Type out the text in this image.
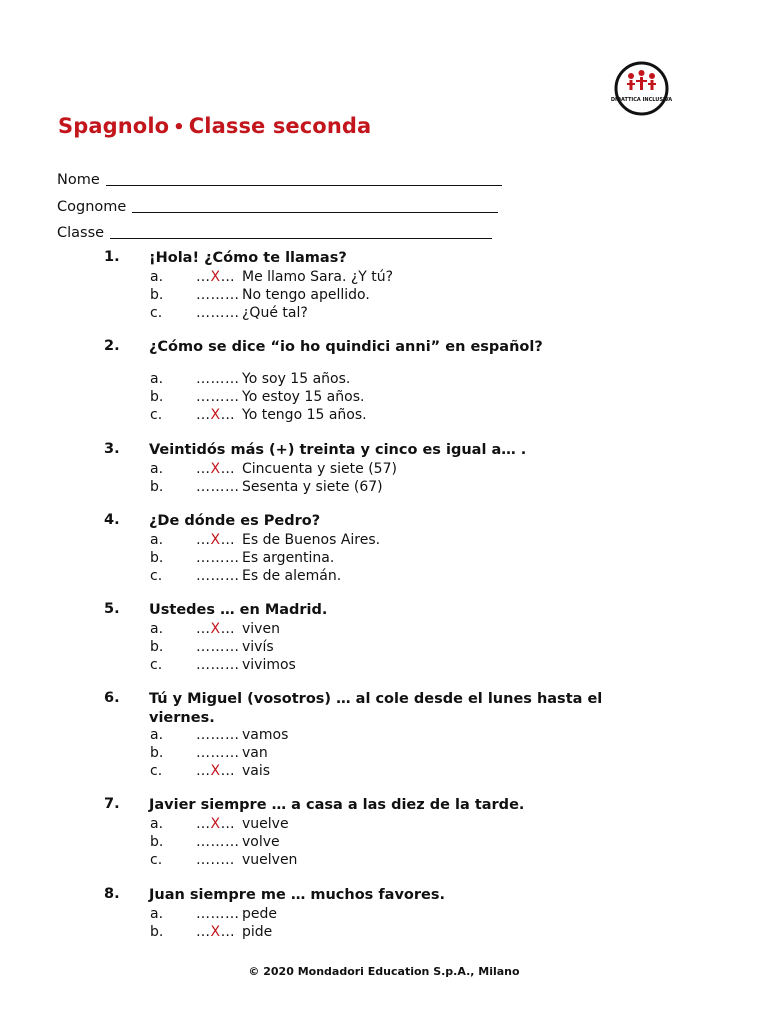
DIDATTICA INCLUSIVA
Spagnolo • Classe seconda
Nome
Cognome
Classe
1. ¡Hola! ¿Cómo te llamas?
a. …X… Me llamo Sara. ¿Y tú?
b. ……… No tengo apellido.
c. ……… ¿Qué tal?
2. ¿Cómo se dice “io ho quindici anni” en español?
a. ……… Yo soy 15 años.
b. ……… Yo estoy 15 años.
c. …X… Yo tengo 15 años.
3. Veintidós más (+) treinta y cinco es igual a… .
a. …X… Cincuenta y siete (57)
b. ……… Sesenta y siete (67)
4. ¿De dónde es Pedro?
a. …X… Es de Buenos Aires.
b. ……… Es argentina.
c. ……… Es de alemán.
5. Ustedes … en Madrid.
a. …X… viven
b. ……… vivís
c. ……… vivimos
6. Tú y Miguel (vosotros) … al cole desde el lunes hasta el viernes.
a. ……… vamos
b. ……… van
c. …X… vais
7. Javier siempre … a casa a las diez de la tarde.
a. …X… vuelve
b. ……… volve
c. …..… vuelven
8. Juan siempre me … muchos favores.
a. ……… pede
b. …X… pide
© 2020 Mondadori Education S.p.A., Milano
